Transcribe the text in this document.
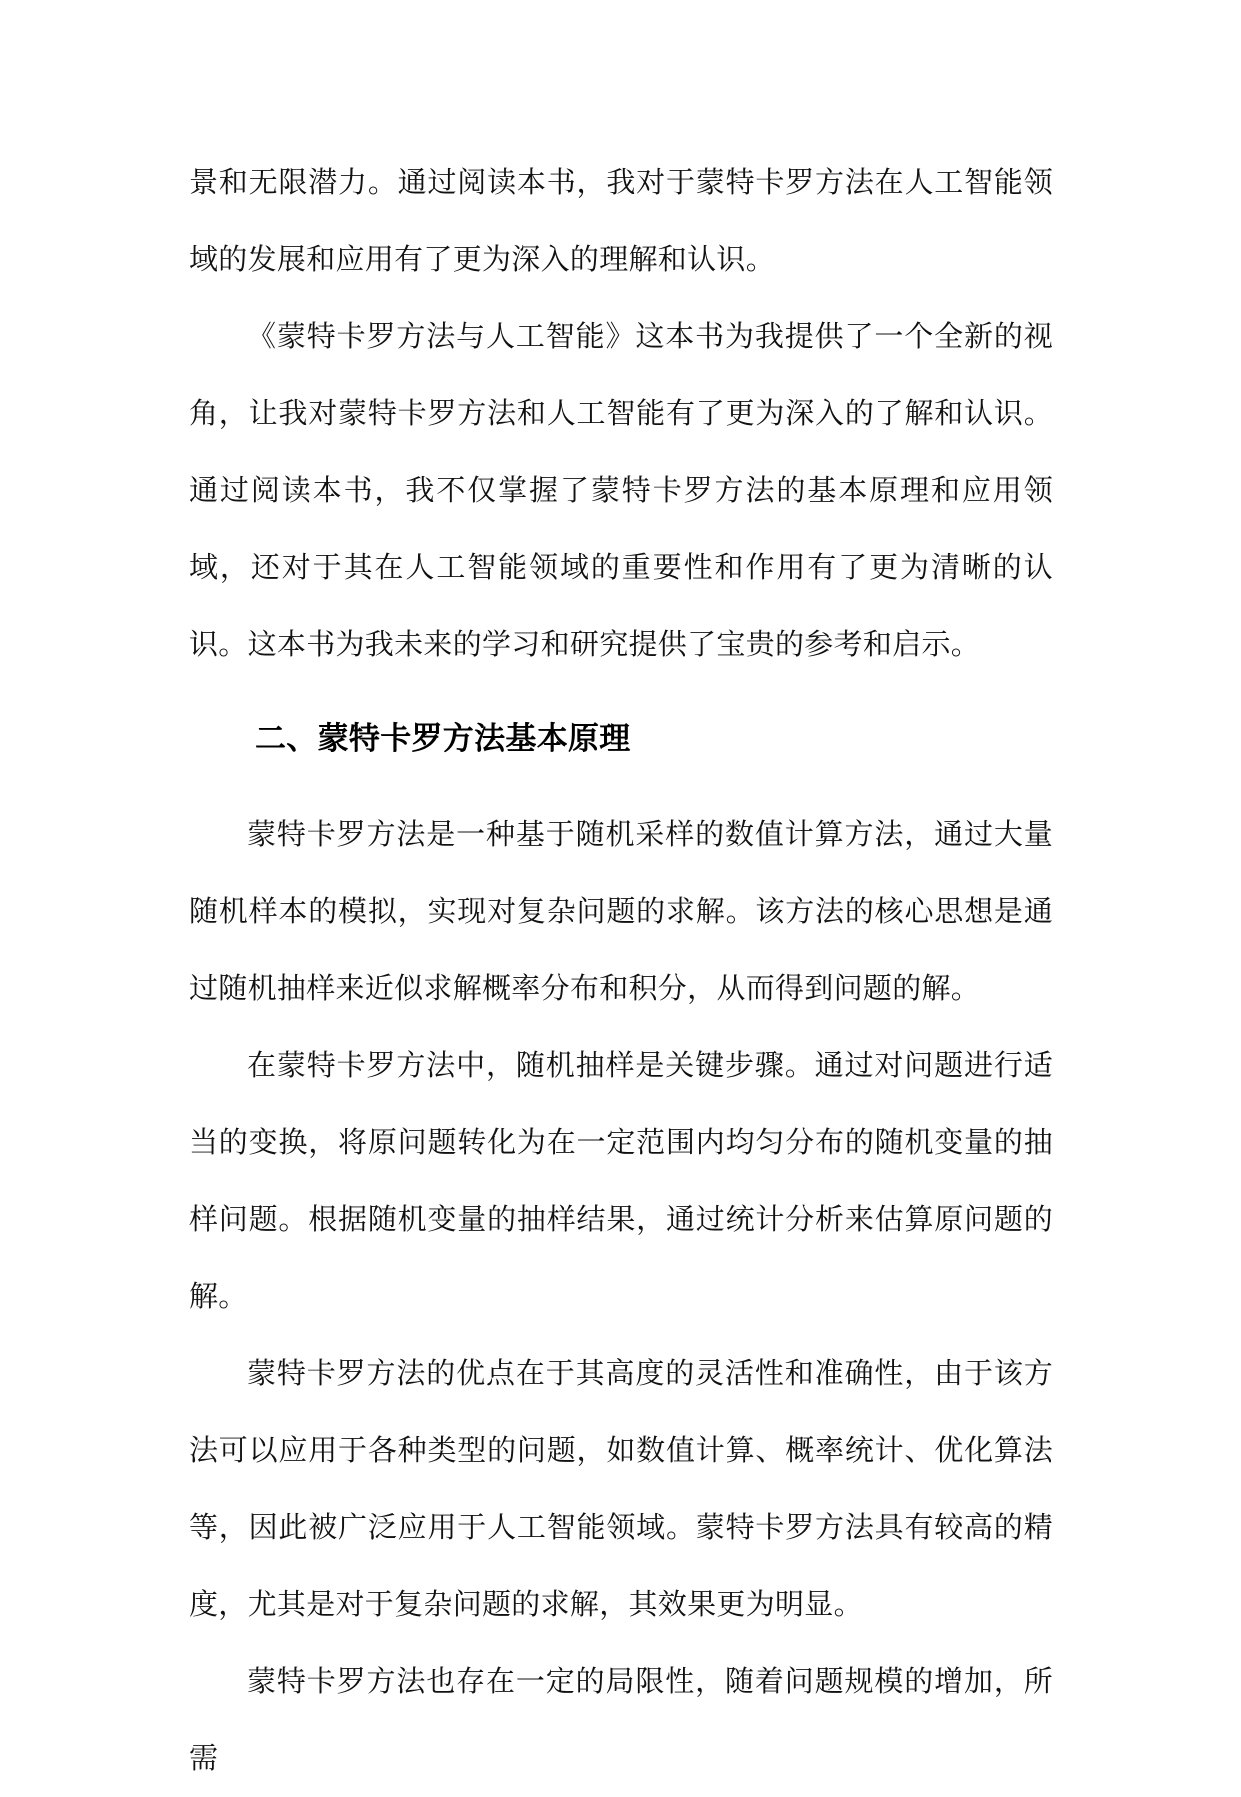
景和无限潜力。通过阅读本书，我对于蒙特卡罗方法在人工智能领域的发展和应用有了更为深入的理解和认识。

《蒙特卡罗方法与人工智能》这本书为我提供了一个全新的视角，让我对蒙特卡罗方法和人工智能有了更为深入的了解和认识。通过阅读本书，我不仅掌握了蒙特卡罗方法的基本原理和应用领域，还对于其在人工智能领域的重要性和作用有了更为清晰的认识。这本书为我未来的学习和研究提供了宝贵的参考和启示。

二、蒙特卡罗方法基本原理

蒙特卡罗方法是一种基于随机采样的数值计算方法，通过大量随机样本的模拟，实现对复杂问题的求解。该方法的核心思想是通过随机抽样来近似求解概率分布和积分，从而得到问题的解。

在蒙特卡罗方法中，随机抽样是关键步骤。通过对问题进行适当的变换，将原问题转化为在一定范围内均匀分布的随机变量的抽样问题。根据随机变量的抽样结果，通过统计分析来估算原问题的解。

蒙特卡罗方法的优点在于其高度的灵活性和准确性，由于该方法可以应用于各种类型的问题，如数值计算、概率统计、优化算法等，因此被广泛应用于人工智能领域。蒙特卡罗方法具有较高的精度，尤其是对于复杂问题的求解，其效果更为明显。

蒙特卡罗方法也存在一定的局限性，随着问题规模的增加，所需
